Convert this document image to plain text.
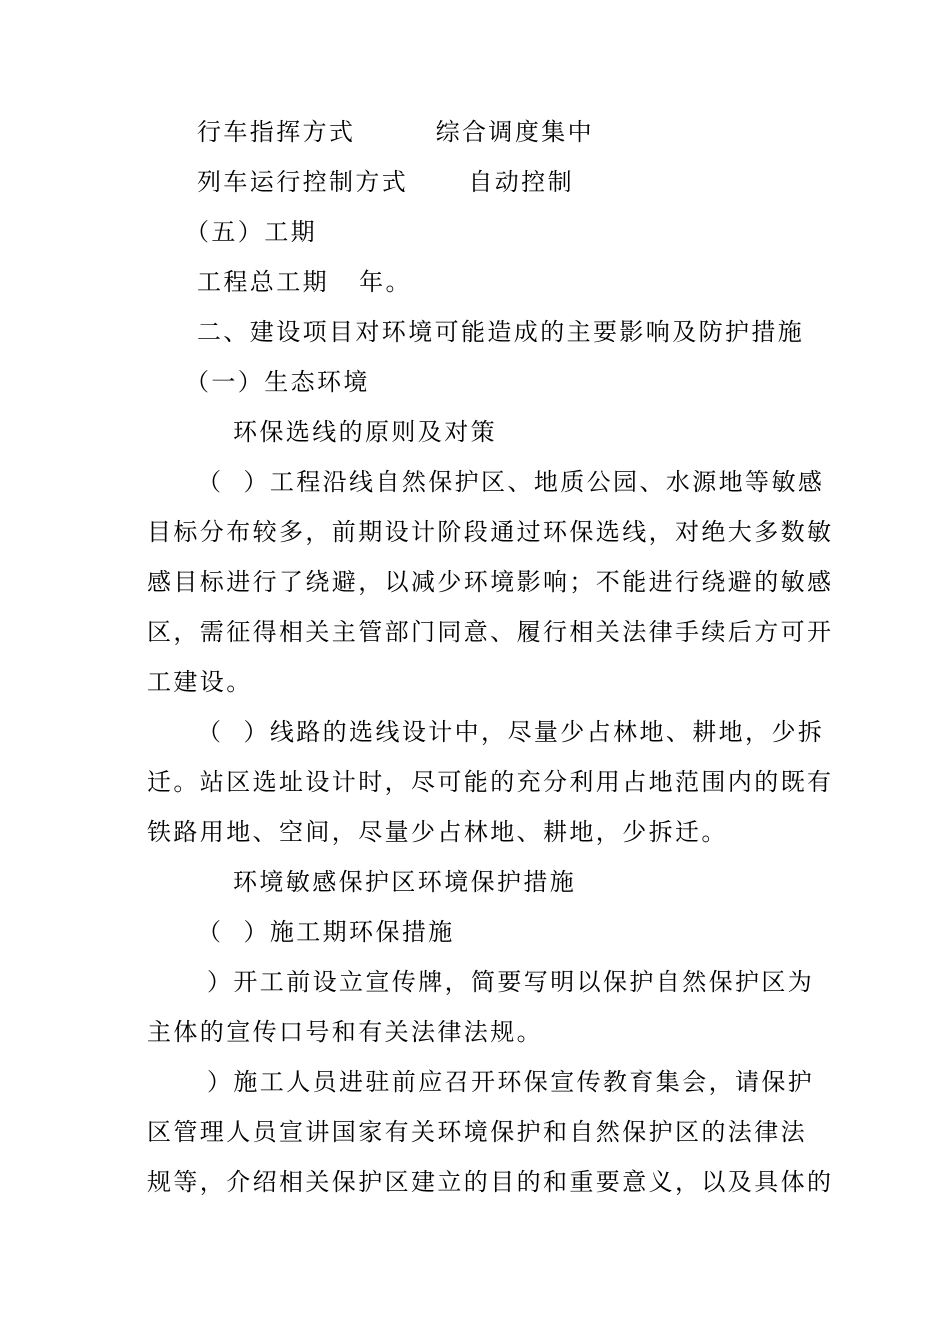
行车指挥方式        综合调度集中
列车运行控制方式      自动控制
（五）工期
工程总工期   年。
二、建设项目对环境可能造成的主要影响及防护措施
（一）生态环境
环保选线的原则及对策
（  ）工程沿线自然保护区、地质公园、水源地等敏感
目标分布较多，前期设计阶段通过环保选线，对绝大多数敏
感目标进行了绕避，以减少环境影响；不能进行绕避的敏感
区，需征得相关主管部门同意、履行相关法律手续后方可开
工建设。
（  ）线路的选线设计中，尽量少占林地、耕地，少拆
迁。站区选址设计时，尽可能的充分利用占地范围内的既有
铁路用地、空间，尽量少占林地、耕地，少拆迁。
环境敏感保护区环境保护措施
（  ）施工期环保措施
）开工前设立宣传牌，简要写明以保护自然保护区为
主体的宣传口号和有关法律法规。
）施工人员进驻前应召开环保宣传教育集会，请保护
区管理人员宣讲国家有关环境保护和自然保护区的法律法
规等，介绍相关保护区建立的目的和重要意义，以及具体的
